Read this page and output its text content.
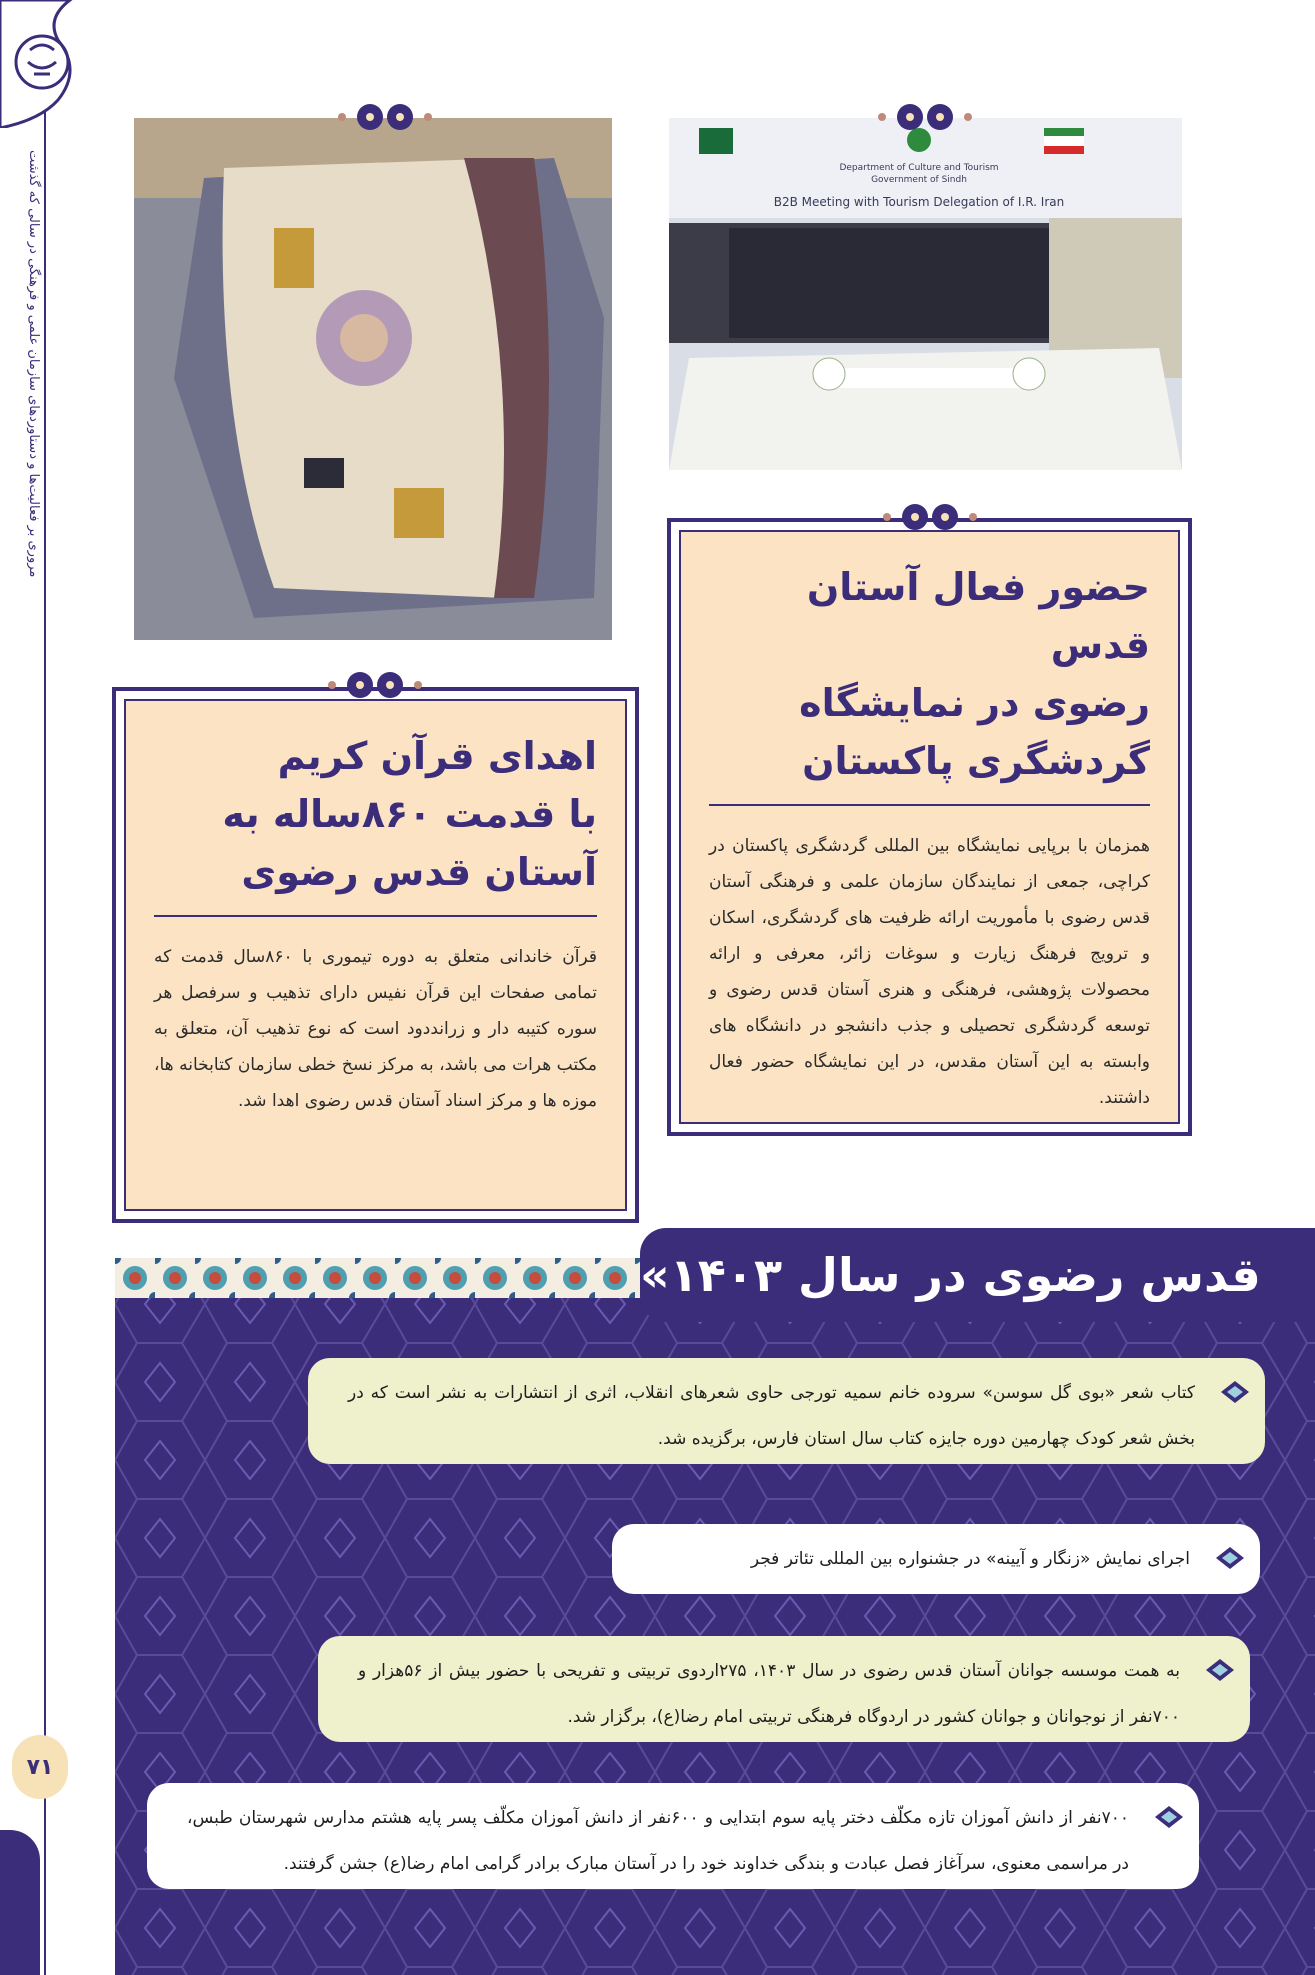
مروری بر فعالیت‌ها و دستاوردهای سازمان علمی و فرهنگی در سالی که گذشت
۷۱
Department of Culture and Tourism
Government of Sindh
B2B Meeting with Tourism Delegation of I.R. Iran
حضور فعال آستان قدس
رضوی در نمایشگاه
گردشگری پاکستان

همزمان با برپایی نمایشگاه بین المللی گردشگری پاکستان در کراچی، جمعی از نمایندگان سازمان علمی و فرهنگی آستان قدس رضوی با مأموریت ارائه ظرفیت های گردشگری، اسکان و ترویج فرهنگ زیارت و سوغات زائر، معرفی و ارائه محصولات پژوهشی، فرهنگی و هنری آستان قدس رضوی و توسعه گردشگری تحصیلی و جذب دانشجو در دانشگاه های وابسته به این آستان مقدس، در این نمایشگاه حضور فعال داشتند.

اهدای قرآن کریم
با قدمت ۸۶۰ساله به
آستان قدس رضوی

قرآن خاندانی متعلق به دوره تیموری با ۸۶۰سال قدمت که تمامی صفحات این قرآن نفیس دارای تذهیب و سرفصل هر سوره کتیبه دار و زرانددود است که نوع تذهیب آن، متعلق به مکتب هرات می باشد، به مرکز نسخ خطی سازمان کتابخانه ها، موزه ها و مرکز اسناد آستان قدس رضوی اهدا شد.

قدس رضوی در سال ۱۴۰۳»
کتاب شعر «بوی گل سوسن» سروده خانم سمیه تورجی حاوی شعرهای انقلاب، اثری از انتشارات به نشر است که در بخش شعر کودک چهارمین دوره جایزه کتاب سال استان فارس، برگزیده شد.
اجرای نمایش «زنگار و آیینه» در جشنواره بین المللی تئاتر فجر
به همت موسسه جوانان آستان قدس رضوی در سال ۱۴۰۳، ۲۷۵اردوی تربیتی و تفریحی با حضور بیش از ۵۶هزار و ۷۰۰نفر از نوجوانان و جوانان کشور در اردوگاه فرهنگی تربیتی امام رضا(ع)، برگزار شد.
۷۰۰نفر از دانش آموزان تازه مکلّف دختر پایه سوم ابتدایی و ۶۰۰نفر از دانش آموزان مکلّف پسر پایه هشتم مدارس شهرستان طبس، در مراسمی معنوی، سرآغاز فصل عبادت و بندگی خداوند خود را در آستان مبارک برادر گرامی امام رضا(ع) جشن گرفتند.
